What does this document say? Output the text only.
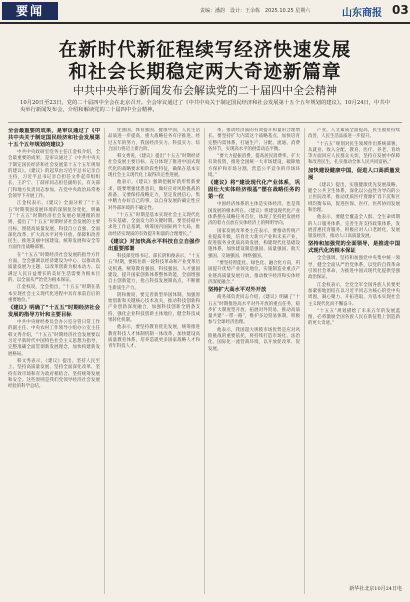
要闻	责编：潘韵　设计：王余栋　2025.10.25 星期六	山东商报 03
在新时代新征程续写经济快速发展
和社会长期稳定两大奇迹新篇章
中共中央举行新闻发布会解读党的二十届四中全会精神
10月20日至23日，党的二十届四中全会在北京召开。全会审议通过了《中共中央关于制定国民经济和社会发展第十五个五年规划的建议》。10月24日，中共中央举行新闻发布会，介绍和解读党的二十届四中全会精神。

全会最重要的成果，是审议通过了《中共中央关于制定国民经济和社会发展第十五个五年规划的建议》

中共中央政研室党务主任江金权介绍，全会最重要的成果，是审议通过了《中共中央关于制定国民经济和社会发展第十五个五年规划的建议》。《建议》的起草由习近平总书记亲自主持，习近平总书记亲自担任文件起草组组长，王沪宁、丁薛祥同志担任副组长，有关部门和地方负责同志参加，在党中央政治局常委会领导下开展工作。

江金权表示，《建议》全面分析了“十五五”时期我国发展环境的深刻复杂变化，明确了“十五五”时期经济社会发展必须遵循的原则，提出了“十五五”时期经济社会发展的主要目标，围绕高质量发展、科技自立自强、全面深化改革、扩大高水平对外开放、保障和改善民生、推进美丽中国建设、统筹发展和安全等方面作出战略部署。

在“十五五”时期经济社会发展的指导方针方面，全会强调以经济建设为中心、以推动高质量发展为主题、以改革创新为根本动力、以满足人民日益增长的美好生活需要为根本目的、以全面从严治党为根本保证。

江金权说，全会指出，“十五五”时期在基本实现社会主义现代化进程中具有承前启后的重要地位。”

《建议》明确了“十五五”时期经济社会发展的指导方针和主要目标

中共中央财经委员会办公室分管日常工作的副主任、中央农村工作领导小组办公室主任韩文秀介绍，“十五五”时期经济社会发展要以习近平新时代中国特色社会主义思想为指导，完整准确全面贯彻新发展理念，加快构建新发展格局。

韩文秀表示，《建议》提出，坚持人民至上、坚持高质量发展、坚持全面深化改革、坚持有效市场和有为政府相结合、坚持统筹发展和安全。这些原则是我们党领导经济社会发展经验的科学总结。

化强国、体育强国、健康中国，人民生活品质进一步提高，重大战略任务有序推进。经过五年的努力，我国经济实力、科技实力、综合国力将迈上新台阶。

韩文秀说，《建议》提出“十五五”时期经济社会发展主要目标，充分体现了推进中国式现代化的战略要求和阶段性特征，确保在基本实现社会主义现代化上取得决定性进展。

他表示，《建议》强调把握好新形势新要求，既要增强忧患意识，做好应对风险挑战的准备，又要保持战略定力，坚定发展信心，集中精力办好自己的事，以自身发展的确定性应对外部环境的不确定性。

“十五五”时期是基本实现社会主义现代化夯实基础、全面发力的关键时期。要坚持稳中求进工作总基调，统筹国内国际两个大局，推动经济实现质的有效提升和量的合理增长。”

《建议》对加快高水平科技自立自强作出重要部署

科技部党组书记、部长阴和俊表示，“十五五”时期，要抓住新一轮科技革命和产业变革历史机遇，统筹教育强国、科技强国、人才强国建设，提升国家创新体系整体效能，全面增强自主创新能力，抢占科技发展制高点，不断催生新质生产力。

阴和俊说，要完善新型举国体制，加强原始创新和关键核心技术攻关，推动科技创新和产业创新深度融合，加强科技创新全链条支持，强化企业科技创新主体地位，健全科技成果转化机制。

他表示，要坚持教育优先发展，统筹推进教育科技人才体制机制一体改革，加快建设高质量教育体系，培养造就更多国家战略人才和青年科技人才。

革，推动经济质的有效提升和量的合理增长。要坚持扩大内需这个战略基点，加快培育完整内需体系，打通生产、分配、流通、消费各环节，实现高水平的供需动态平衡。

“要大力提振消费，提高居民消费率，扩大有效投资，推进全国统一大市场建设，破除地方保护和市场分割，营造公平竞争的市场环境。”

《建议》将“建设现代化产业体系，巩固壮大实体经济根基”摆在战略任务的第一位

中国经济体系的主体是实体经济，也是我国发展的根本所在。《建议》将建设现代化产业体系摆在战略任务首位，体现了坚持把发展经济的着力点放在实体经济上的鲜明导向。

国家发展改革委主任表示，要推动传统产业提质升级，培育壮大新兴产业和未来产业，促进服务业优质高效发展，构建现代化基础设施体系，加快建设制造强国、质量强国、航天强国、交通强国、网络强国。

“要坚持智能化、绿色化、融合化方向，巩固提升优势产业领先地位，实施制造业重点产业链高质量发展行动，推动数字经济和实体经济深度融合。”

坚持扩大高水平对外开放

商务部负责同志介绍，《建议》明确了“十五五”时期推进高水平对外开放的重点任务，稳步扩大制度型开放，拓展对外贸易，推动高质量共建“一带一路”，维护多边贸易体制，积极参与全球经济治理。

他表示，我国超大规模市场优势是应对风险挑战的重要依托，将持续打造市场化、法治化、国际化一流营商环境，以开放促改革、促发展。

产业，人文素质全面提高，民生福祉持续改善，人民生活品质进一步提升。

“十五五”规划对民生领域作出系统部署，从就业、收入分配、教育、医疗、养老、育幼等方面回应人民群众关切，坚持在发展中保障和改善民生，扎实推动全体人民共同富裕。”

加快建设健康中国，促进人口高质量发展

《建议》提出，实施健康优先发展战略，健全公共卫生体系，深化以公益性为导向的公立医院改革，推动优质医疗资源扩容下沉和区域均衡布局，促进医保、医疗、医药协同发展和治理。

他表示，要健全覆盖全人群、全生命周期的人口服务体系，完善生育支持政策体系，发展普惠托育服务，积极应对人口老龄化，发展银发经济，推动人口高质量发展。

坚持和加强党的全面领导，是推进中国式现代化的根本保证

全会强调，坚持和加强党中央集中统一领导，健全全面从严治党体系，以党的自我革命引领社会革命，为推进中国式现代化提供坚强政治保证。

江金权表示，全党全军全国各族人民要更加紧密地团结在以习近平同志为核心的党中央周围，凝心聚力、开拓进取，为基本实现社会主义现代化而不懈奋斗。

“十五五”规划描绘了未来五年的发展蓝图，必将激励全国各族人民在新征程上创造新的更大奇迹。”

新华社北京10月24日电
